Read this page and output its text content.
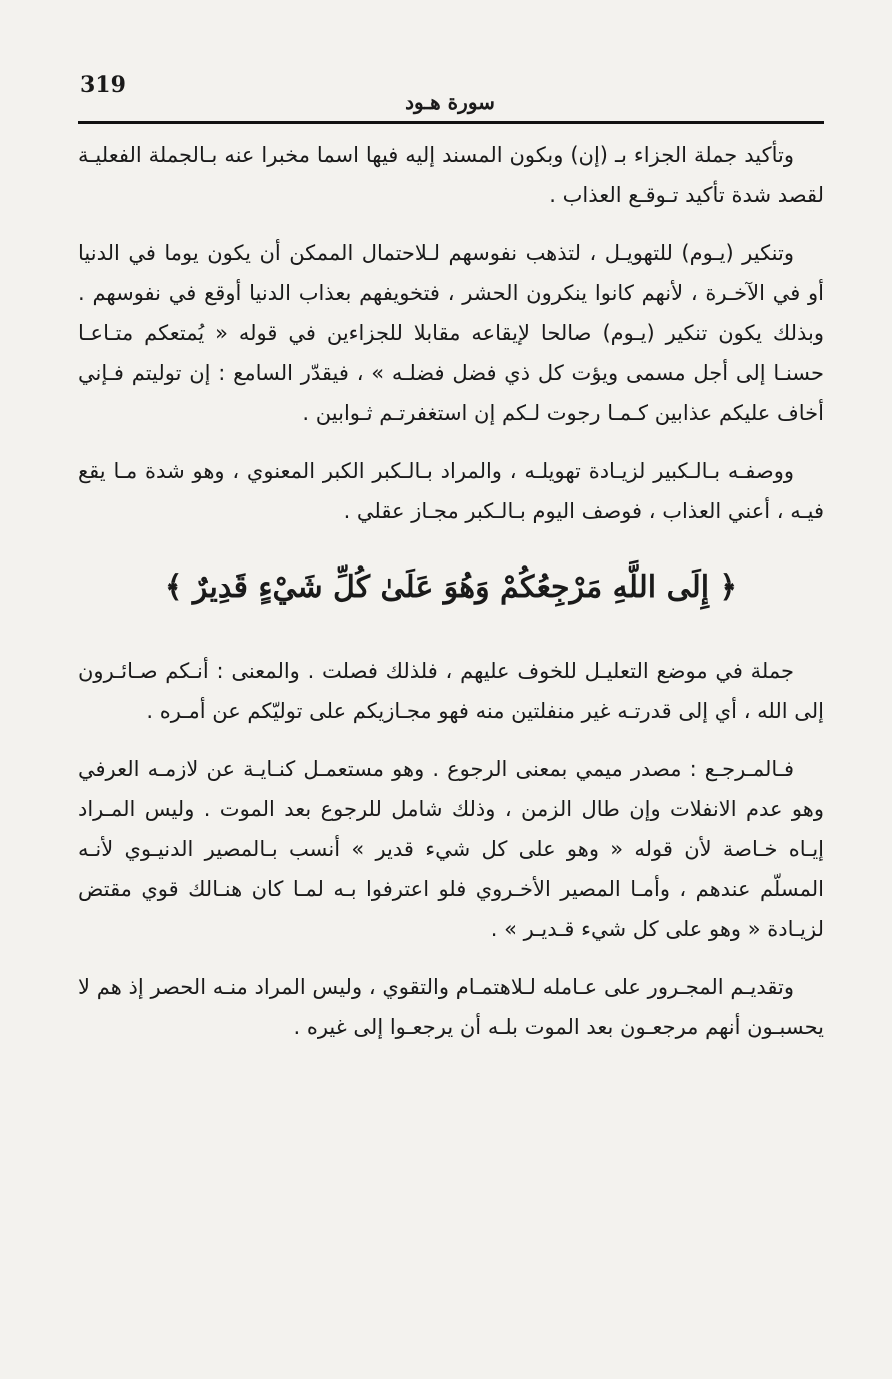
319
سورة هـود

وتأكيد جملة الجزاء بـ (إن) وبكون المسند إليه فيها اسما مخبرا عنه بـالجملة الفعليـة لقصد شدة تأكيد تـوقـع العذاب .

وتنكير (يـوم) للتهويـل ، لتذهب نفوسهم لـلاحتمال الممكن أن يكون يوما في الدنيا أو في الآخـرة ، لأنهم كانوا ينكرون الحشر ، فتخويفهم بعذاب الدنيا أوقع في نفوسهم . وبذلك يكون تنكير (يـوم) صالحا لإيقاعه مقابلا للجزاءين في قوله « يُمتعكم متـاعـا حسنـا إلى أجل مسمى ويؤت كل ذي فضل فضلـه » ، فيقدّر السامع : إن توليتم فـإني أخاف عليكم عذابين كـمـا رجوت لـكم إن استغفرتـم ثـوابين .

ووصفـه بـالـكبير لزيـادة تهويلـه ، والمراد بـالـكبر الكبر المعنوي ، وهو شدة مـا يقع فيـه ، أعني العذاب ، فوصف اليوم بـالـكبر مجـاز عقلي .

﴿ إِلَى اللَّهِ مَرْجِعُكُمْ وَهُوَ عَلَىٰ كُلِّ شَيْءٍ قَدِيرٌ ﴾

جملة في موضع التعليـل للخوف عليهم ، فلذلك فصلت . والمعنى : أنـكم صـائـرون إلى الله ، أي إلى قدرتـه غير منفلتين منه فهو مجـازيكم على توليّكم عن أمـره .

فـالمـرجـع : مصدر ميمي بمعنى الرجوع . وهو مستعمـل كنـايـة عن لازمـه العرفي وهو عدم الانفلات وإن طال الزمن ، وذلك شامل للرجوع بعد الموت . وليس المـراد إيـاه خـاصة لأن قوله « وهو على كل شيء قدير » أنسب بـالمصير الدنيـوي لأنـه المسلّم عندهم ، وأمـا المصير الأخـروي فلو اعترفوا بـه لمـا كان هنـالك قوي مقتض لزيـادة « وهو على كل شيء قـديـر » .

وتقديـم المجـرور على عـامله لـلاهتمـام والتقوي ، وليس المراد منـه الحصر إذ هم لا يحسبـون أنهم مرجعـون بعد الموت بلـه أن يرجعـوا إلى غيره .
